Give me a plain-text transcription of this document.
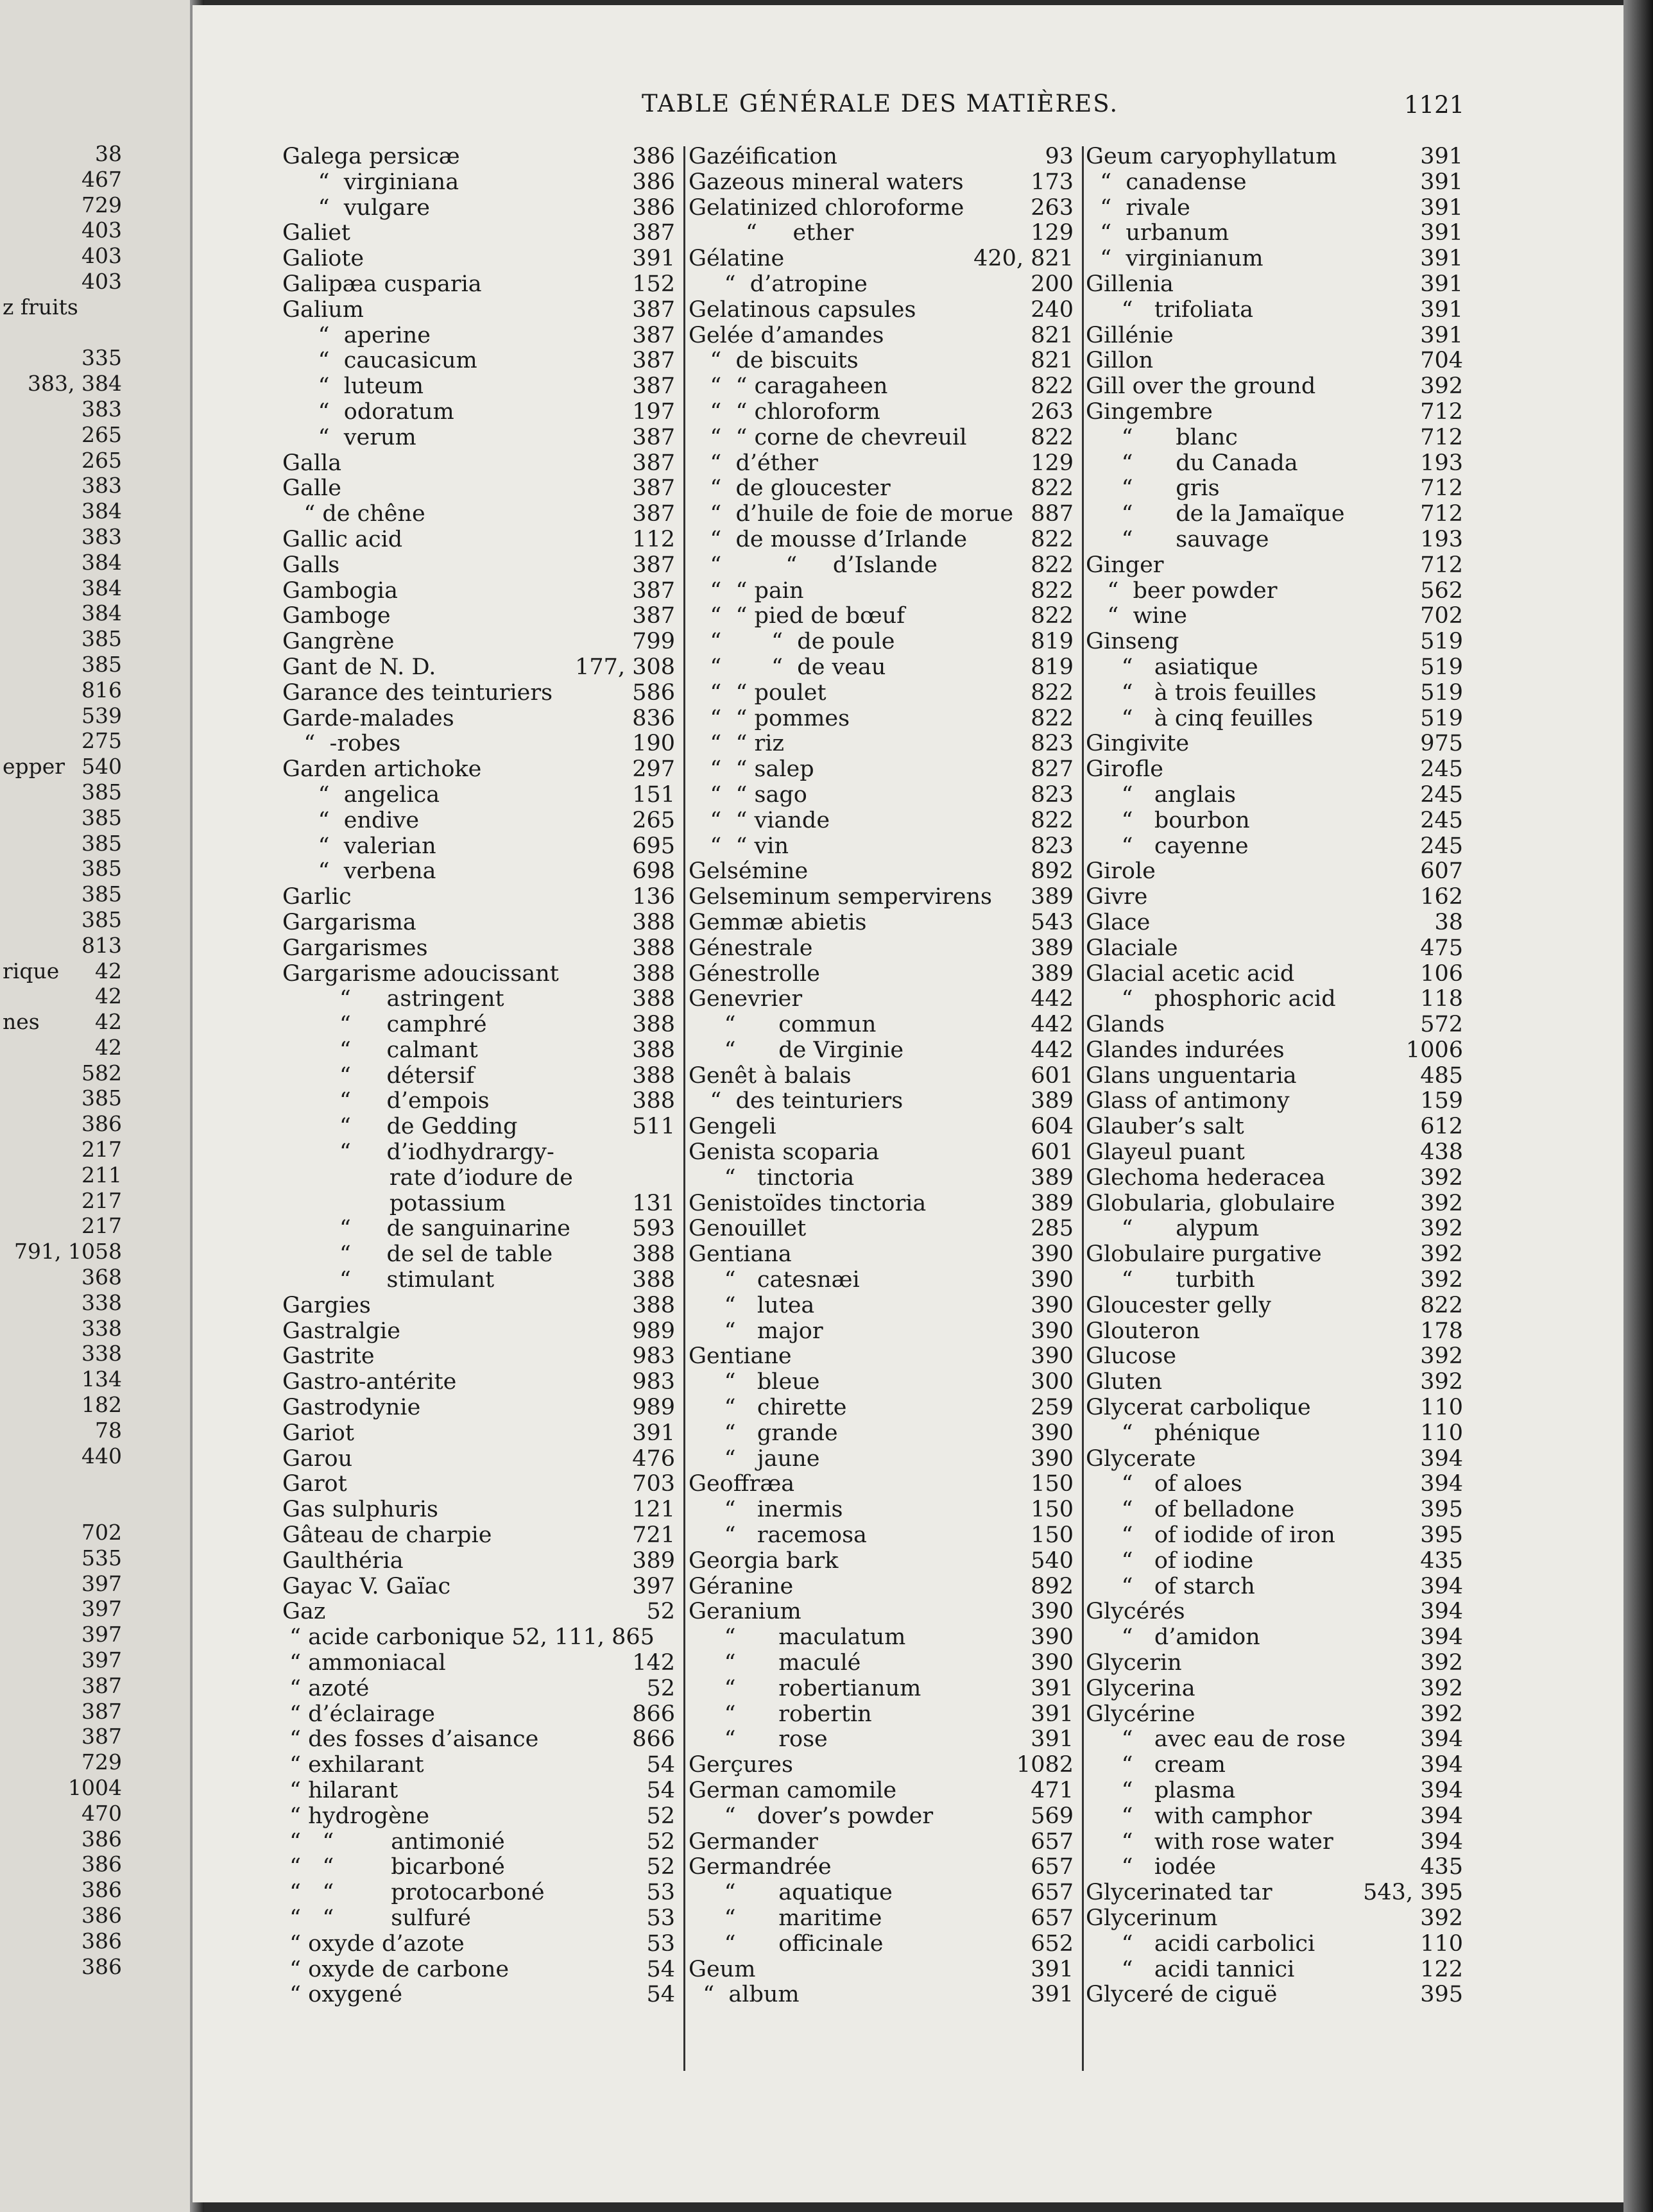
38
467
729
403
403
403
z fruits
335
383, 384
383
265
265
383
384
383
384
384
384
385
385
816
539
275
epper 540
385
385
385
385
385
385
813
rique 42
42
nes	42
42
582
385
386
217
211
217
217
791, 1058
368
338
338
338
134
182
78
440
702
535
397
397
397
397
387
387
387
729
1004
470
386
386
386
386
386
386
TABLE GÉNÉRALE DES MATIÈRES.	1121
Galega persicæ	386
“  virginiana	386
“  vulgare	386
Galiet	387
Galiote	391
Galipæa cusparia	152
Galium	387
“  aperine	387
“  caucasicum	387
“  luteum	387
“  odoratum	197
“  verum	387
Galla	387
Galle	387
“ de chêne	387
Gallic acid	112
Galls	387
Gambogia	387
Gamboge	387
Gangrène	799
Gant de N. D.	177, 308
Garance des teinturiers	586
Garde-malades	836
“  -robes	190
Garden artichoke	297
“  angelica	151
“  endive	265
“  valerian	695
“  verbena	698
Garlic	136
Gargarisma	388
Gargarismes	388
Gargarisme adoucissant	388
“     astringent	388
“     camphré	388
“     calmant	388
“     détersif	388
“     d’empois	388
“     de Gedding	511
“     d’iodhydrargy-
rate d’iodure de
potassium	131
“     de sanguinarine	593
“     de sel de table	388
“     stimulant	388
Gargies	388
Gastralgie	989
Gastrite	983
Gastro-antérite	983
Gastrodynie	989
Gariot	391
Garou	476
Garot	703
Gas sulphuris	121
Gâteau de charpie	721
Gaulthéria	389
Gayac V. Gaïac	397
Gaz	52
“ acide carbonique 52, 111, 865
“ ammoniacal	142
“ azoté	52
“ d’éclairage	866
“ des fosses d’aisance	866
“ exhilarant	54
“ hilarant	54
“ hydrogène	52
“   “        antimonié	52
“   “        bicarboné	52
“   “        protocarboné	53
“   “        sulfuré	53
“ oxyde d’azote	53
“ oxyde de carbone	54
“ oxygené	54
Gazéification	93
Gazeous mineral waters	173
Gelatinized chloroforme	263
“     ether	129
Gélatine	420, 821
“  d’atropine	200
Gelatinous capsules	240
Gelée d’amandes	821
“  de biscuits	821
“  “ caragaheen	822
“  “ chloroform	263
“  “ corne de chevreuil	822
“  d’éther	129
“  de gloucester	822
“  d’huile de foie de morue 887
“  de mousse d’Irlande	822
“         “     d’Islande	822
“  “ pain	822
“  “ pied de bœuf	822
“       “  de poule	819
“       “  de veau	819
“  “ poulet	822
“  “ pommes	822
“  “ riz	823
“  “ salep	827
“  “ sago	823
“  “ viande	822
“  “ vin	823
Gelsémine	892
Gelseminum sempervirens 389
Gemmæ abietis	543
Génestrale	389
Génestrolle	389
Genevrier	442
“      commun	442
“      de Virginie	442
Genêt à balais	601
“  des teinturiers	389
Gengeli	604
Genista scoparia	601
“   tinctoria	389
Genistoïdes tinctoria	389
Genouillet	285
Gentiana	390
“   catesnæi	390
“   lutea	390
“   major	390
Gentiane	390
“   bleue	300
“   chirette	259
“   grande	390
“   jaune	390
Geoffræa	150
“   inermis	150
“   racemosa	150
Georgia bark	540
Géranine	892
Geranium	390
“      maculatum	390
“      maculé	390
“      robertianum	391
“      robertin	391
“      rose	391
Gerçures	1082
German camomile	471
“   dover’s powder	569
Germander	657
Germandrée	657
“      aquatique	657
“      maritime	657
“      officinale	652
Geum	391
“  album	391
Geum caryophyllatum	391
“  canadense	391
“  rivale	391
“  urbanum	391
“  virginianum	391
Gillenia	391
“   trifoliata	391
Gillénie	391
Gillon	704
Gill over the ground	392
Gingembre	712
“      blanc	712
“      du Canada	193
“      gris	712
“      de la Jamaïque	712
“      sauvage	193
Ginger	712
“  beer powder	562
“  wine	702
Ginseng	519
“   asiatique	519
“   à trois feuilles	519
“   à cinq feuilles	519
Gingivite	975
Girofle	245
“   anglais	245
“   bourbon	245
“   cayenne	245
Girole	607
Givre	162
Glace	38
Glaciale	475
Glacial acetic acid	106
“   phosphoric acid	118
Glands	572
Glandes indurées	1006
Glans unguentaria	485
Glass of antimony	159
Glauber’s salt	612
Glayeul puant	438
Glechoma hederacea	392
Globularia, globulaire	392
“      alypum	392
Globulaire purgative	392
“      turbith	392
Gloucester gelly	822
Glouteron	178
Glucose	392
Gluten	392
Glycerat carbolique	110
“   phénique	110
Glycerate	394
“   of aloes	394
“   of belladone	395
“   of iodide of iron	395
“   of iodine	435
“   of starch	394
Glycérés	394
“   d’amidon	394
Glycerin	392
Glycerina	392
Glycérine	392
“   avec eau de rose	394
“   cream	394
“   plasma	394
“   with camphor	394
“   with rose water	394
“   iodée	435
Glycerinated tar	543, 395
Glycerinum	392
“   acidi carbolici	110
“   acidi tannici	122
Glyceré de ciguë	395
